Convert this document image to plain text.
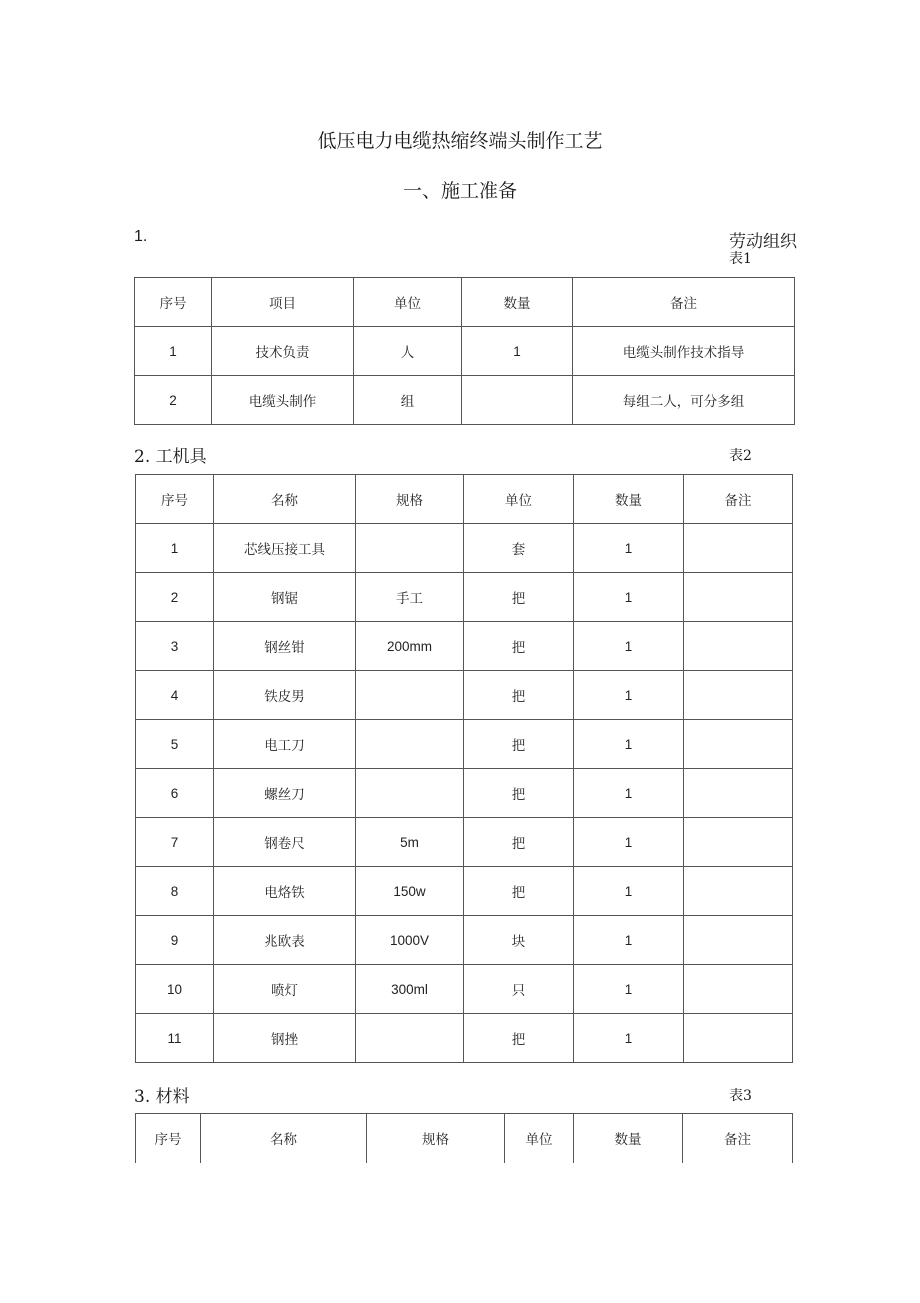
低压电力电缆热缩终端头制作工艺
一、施工准备
1.	劳动组织
表1
序号	项目	单位	数量	备注
1	技术负责	人	1	电缆头制作技术指导
2	电缆头制作	组		每组二人，可分多组
2. 工机具	表2
序号	名称	规格	单位	数量	备注
1	芯线压接工具		套	1	
2	钢锯	手工	把	1	
3	钢丝钳	200mm	把	1	
4	铁皮男		把	1	
5	电工刀		把	1	
6	螺丝刀		把	1	
7	钢卷尺	5m	把	1	
8	电烙铁	150w	把	1	
9	兆欧表	1000V	块	1	
10	喷灯	300ml	只	1	
11	钢挫		把	1	
3. 材料	表3
序号	名称	规格	单位	数量	备注
